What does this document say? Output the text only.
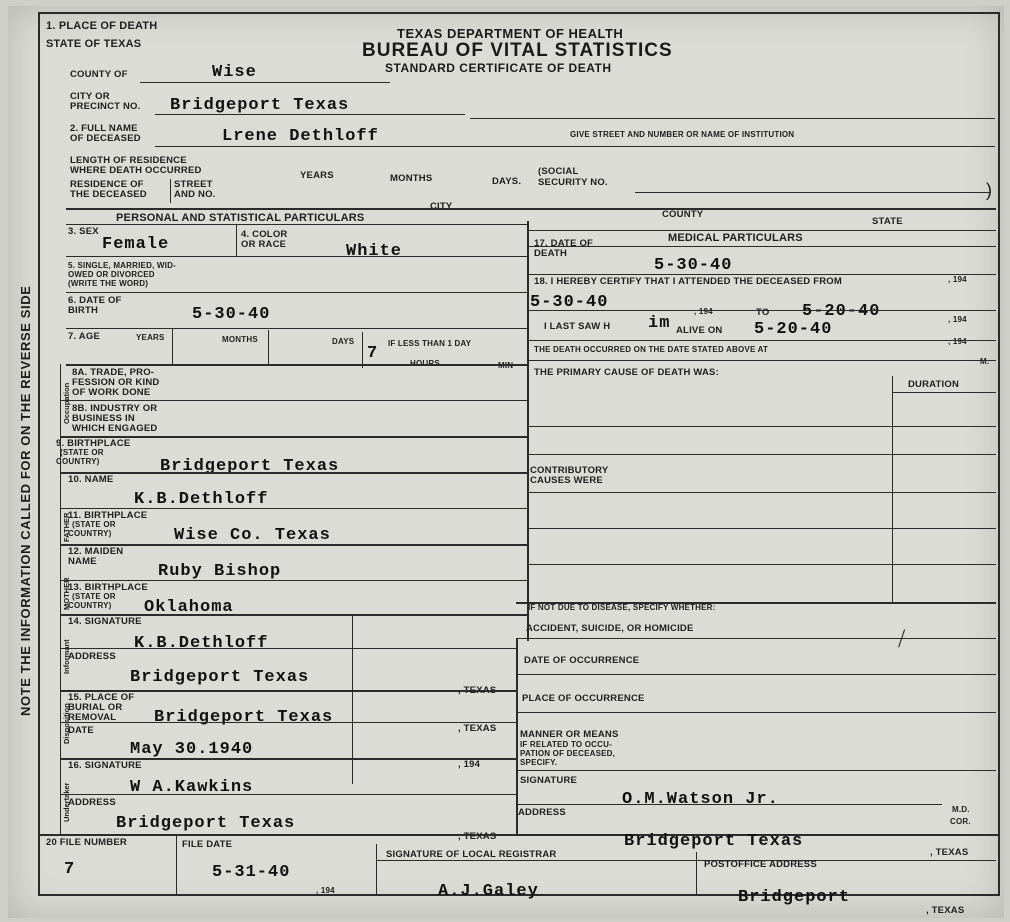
NOTE THE INFORMATION CALLED FOR ON THE REVERSE SIDE
1. PLACE OF DEATH
STATE OF TEXAS
TEXAS DEPARTMENT OF HEALTH
BUREAU OF VITAL STATISTICS
STANDARD CERTIFICATE OF DEATH
COUNTY OF	Wise
CITY OR
PRECINCT NO. Bridgeport Texas
2. FULL NAME
OF DECEASED	Lrene Dethloff	GIVE STREET AND NUMBER OR NAME OF INSTITUTION
LENGTH OF RESIDENCE
WHERE DEATH OCCURRED	YEARS	MONTHS	DAYS.
(SOCIAL
SECURITY NO.	)
RESIDENCE OF
THE DECEASED
STREET
AND NO.
CITY
COUNTY
STATE
PERSONAL AND STATISTICAL PARTICULARS
MEDICAL PARTICULARS
3. SEX
Female
4. COLOR
OR RACE	White
5. SINGLE, MARRIED, WID-
OWED OR DIVORCED
(WRITE THE WORD)
6. DATE OF
BIRTH	5-30-40
7. AGE	YEARS	MONTHS	DAYS
7
IF LESS THAN 1 DAY
HOURS	MIN
Occupation
FATHER
MOTHER
Informant
Disposition
Undertaker
8A. TRADE, PRO-
FESSION OR KIND
OF WORK DONE
8B. INDUSTRY OR
BUSINESS IN
WHICH ENGAGED
9. BIRTHPLACE
(STATE OR
COUNTRY)	Bridgeport Texas
10. NAME
K.B.Dethloff
11. BIRTHPLACE
(STATE OR
COUNTRY)	Wise Co. Texas
12. MAIDEN
NAME
Ruby Bishop
13. BIRTHPLACE
(STATE OR
COUNTRY) Oklahoma
14. SIGNATURE
K.B.Dethloff
ADDRESS
Bridgeport Texas
, TEXAS
15. PLACE OF
BURIAL OR
REMOVAL Bridgeport Texas
, TEXAS
DATE
May 30.1940
, 194
16. SIGNATURE
W A.Kawkins
ADDRESS
Bridgeport Texas
, TEXAS
17. DATE OF
DEATH
5-30-40
, 194
18. I HEREBY CERTIFY THAT I ATTENDED THE DECEASED FROM
5-30-40	, 194	TO 5-20-40	, 194
I LAST SAW H im ALIVE ON 5-20-40
, 194
THE DEATH OCCURRED ON THE DATE STATED ABOVE AT
M.
THE PRIMARY CAUSE OF DEATH WAS:
DURATION
CONTRIBUTORY
CAUSES WERE
IF NOT DUE TO DISEASE, SPECIFY WHETHER:
ACCIDENT, SUICIDE, OR HOMICIDE	/
DATE OF OCCURRENCE
PLACE OF OCCURRENCE
MANNER OR MEANS
IF RELATED TO OCCU-
PATION OF DECEASED,
SPECIFY.
SIGNATURE
O.M.Watson Jr.
M.D.
COR.
ADDRESS
Bridgeport Texas
, TEXAS
20 FILE NUMBER
7
FILE DATE
5-31-40
, 194
SIGNATURE OF LOCAL REGISTRAR
A.J.Galey
POSTOFFICE ADDRESS
Bridgeport
, TEXAS
